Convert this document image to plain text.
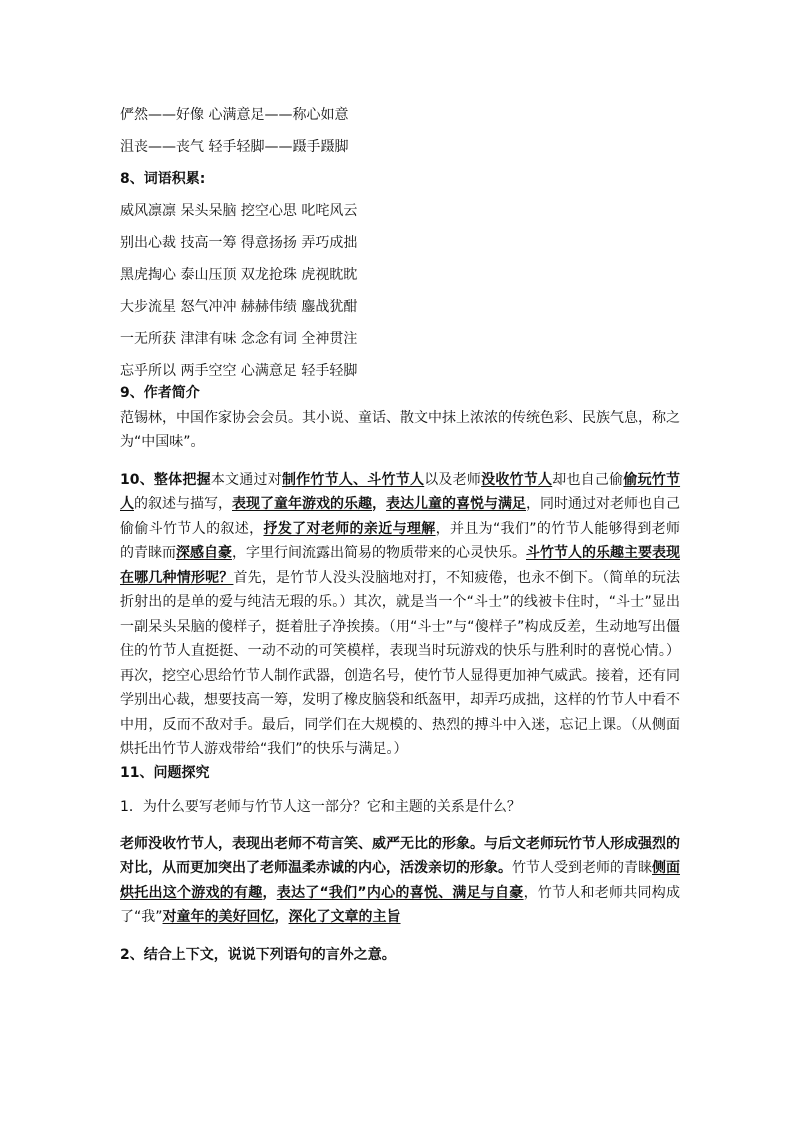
俨然——好像 心满意足——称心如意
沮丧——丧气 轻手轻脚——蹑手蹑脚
8、词语积累:
威风凛凛 呆头呆脑 挖空心思 叱咤风云
别出心裁 技高一筹 得意扬扬 弄巧成拙
黑虎掏心 泰山压顶 双龙抢珠 虎视眈眈
大步流星 怒气冲冲 赫赫伟绩 鏖战犹酣
一无所获 津津有味 念念有词 全神贯注
忘乎所以 两手空空 心满意足 轻手轻脚
9、作者简介
范锡林，中国作家协会会员。其小说、童话、散文中抹上浓浓的传统色彩、民族气息，称之为“中国味”。
10、整体把握本文通过对制作竹节人、斗竹节人以及老师没收竹节人却也自己偷偷玩竹节人的叙述与描写，表现了童年游戏的乐趣，表达儿童的喜悦与满足，同时通过对老师也自己偷偷斗竹节人的叙述，抒发了对老师的亲近与理解，并且为“我们”的竹节人能够得到老师的青睐而深感自豪，字里行间流露出简易的物质带来的心灵快乐。斗竹节人的乐趣主要表现在哪几种情形呢？首先，是竹节人没头没脑地对打，不知疲倦，也永不倒下。（简单的玩法折射出的是单的爱与纯洁无瑕的乐。）其次，就是当一个“斗士”的线被卡住时，“斗士”显出一副呆头呆脑的傻样子，挺着肚子净挨揍。（用“斗士”与“傻样子”构成反差，生动地写出僵住的竹节人直挺挺、一动不动的可笑模样，表现当时玩游戏的快乐与胜利时的喜悦心情。）再次，挖空心思给竹节人制作武器，创造名号，使竹节人显得更加神气威武。接着，还有同学别出心裁，想要技高一筹，发明了橡皮脑袋和纸盔甲，却弄巧成拙，这样的竹节人中看不中用，反而不敌对手。最后，同学们在大规模的、热烈的搏斗中入迷，忘记上课。（从侧面烘托出竹节人游戏带给“我们”的快乐与满足。）
11、问题探究
1．为什么要写老师与竹节人这一部分？它和主题的关系是什么？
老师没收竹节人，表现出老师不苟言笑、威严无比的形象。与后文老师玩竹节人形成强烈的对比，从而更加突出了老师温柔赤诚的内心，活泼亲切的形象。竹节人受到老师的青睐侧面烘托出这个游戏的有趣，表达了“我们”内心的喜悦、满足与自豪，竹节人和老师共同构成了“我”对童年的美好回忆，深化了文章的主旨
2、结合上下文，说说下列语句的言外之意。
